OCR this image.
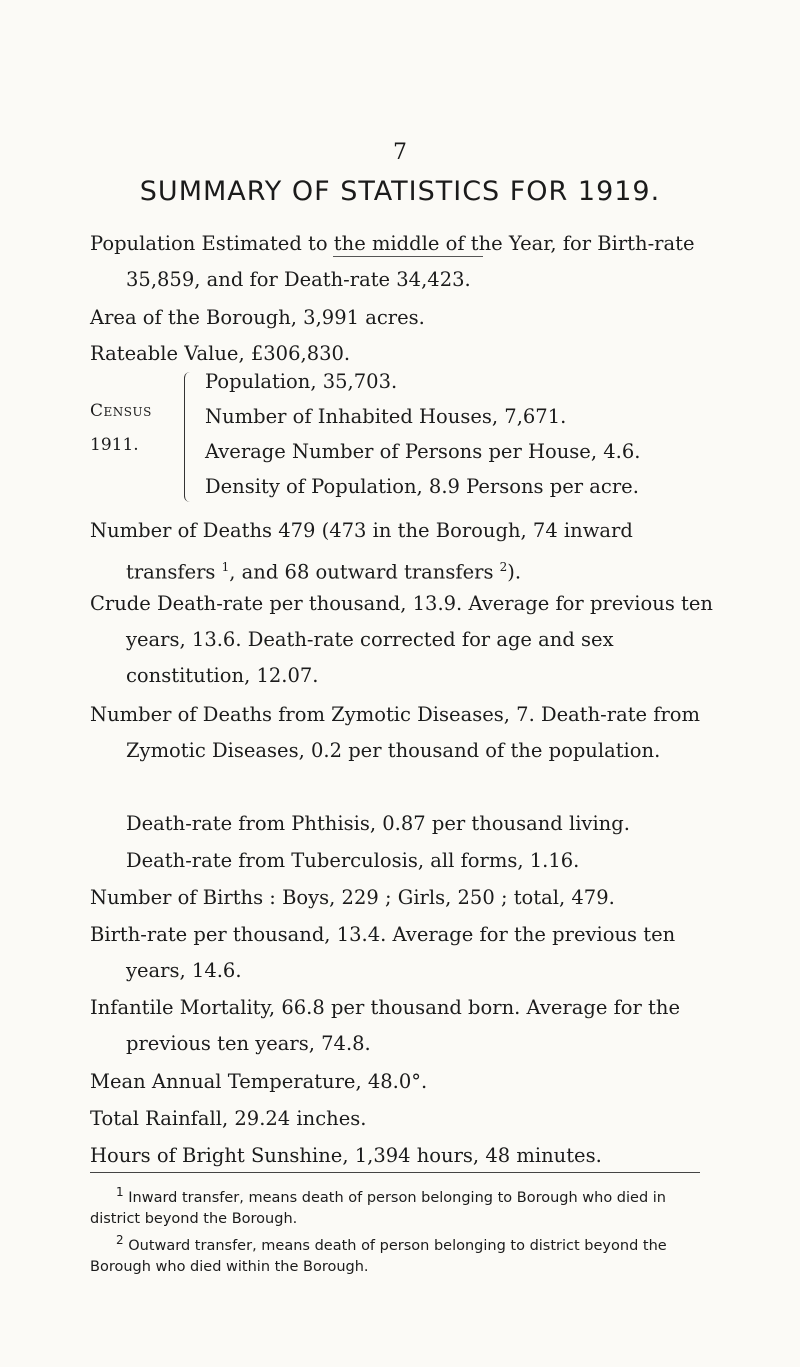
7
SUMMARY OF STATISTICS FOR 1919.

Population Estimated to the middle of the Year, for Birth-rate 35,859, and for Death-rate 34,423.

Area of the Borough, 3,991 acres.

Rateable Value, £306,830.

Census
1911.
Population, 35,703.
Number of Inhabited Houses, 7,671.
Average Number of Persons per House, 4.6.
Density of Population, 8.9 Persons per acre.

Number of Deaths 479 (473 in the Borough, 74 inward transfers $^1$, and 68 outward transfers $^2$).

Crude Death-rate per thousand, 13.9. Average for previous ten years, 13.6. Death-rate corrected for age and sex constitution, 12.07.

Number of Deaths from Zymotic Diseases, 7. Death-rate from Zymotic Diseases, 0.2 per thousand of the population.

Death-rate from Phthisis, 0.87 per thousand living.

Death-rate from Tuberculosis, all forms, 1.16.

Number of Births : Boys, 229 ; Girls, 250 ; total, 479.

Birth-rate per thousand, 13.4. Average for the previous ten years, 14.6.

Infantile Mortality, 66.8 per thousand born. Average for the previous ten years, 74.8.

Mean Annual Temperature, 48.0°.

Total Rainfall, 29.24 inches.

Hours of Bright Sunshine, 1,394 hours, 48 minutes.

$^1$ Inward transfer, means death of person belonging to Borough who died in district beyond the Borough.

$^2$ Outward transfer, means death of person belonging to district beyond the Borough who died within the Borough.
